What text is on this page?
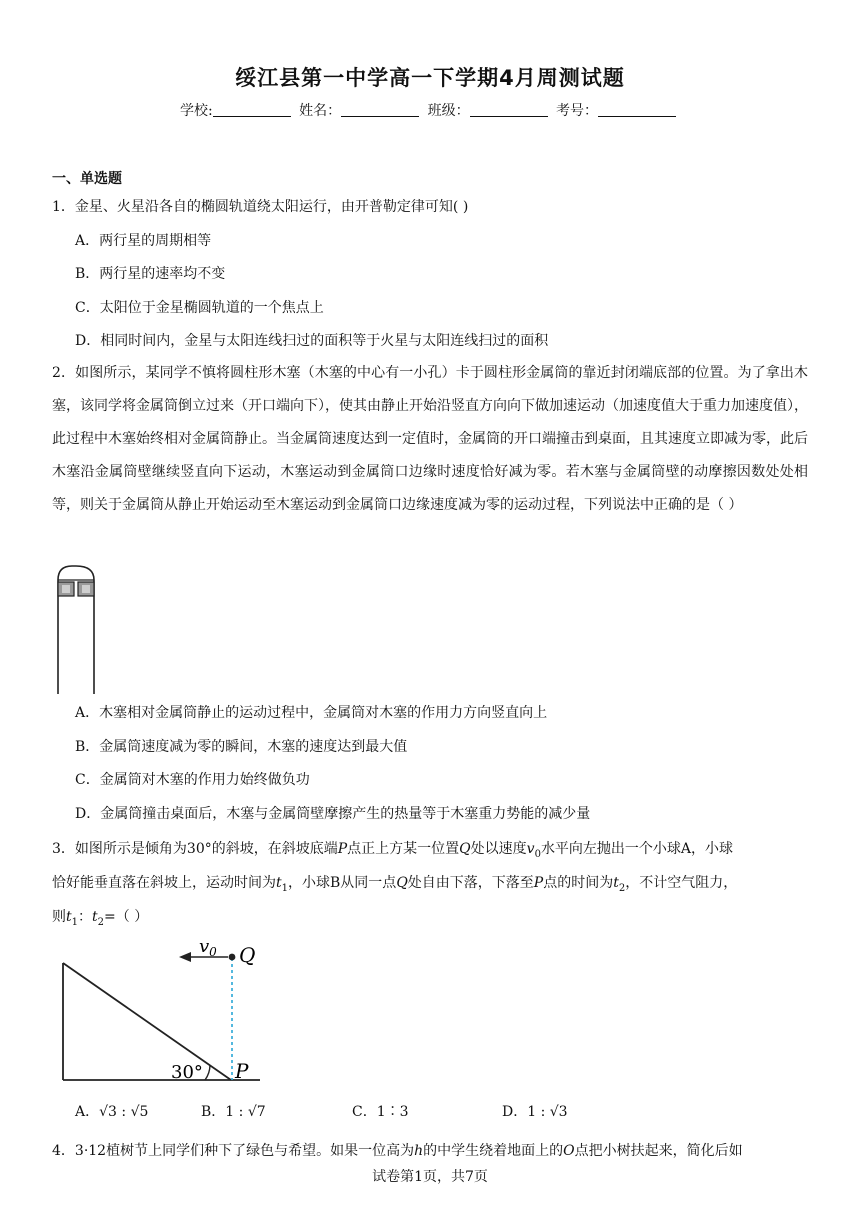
绥江县第一中学高一下学期4月周测试题
学校:	姓名：	班级：	考号：
一、单选题
1．金星、火星沿各自的椭圆轨道绕太阳运行，由开普勒定律可知( )
A．两行星的周期相等
B．两行星的速率均不变
C．太阳位于金星椭圆轨道的一个焦点上
D．相同时间内，金星与太阳连线扫过的面积等于火星与太阳连线扫过的面积
2．如图所示，某同学不慎将圆柱形木塞（木塞的中心有一小孔）卡于圆柱形金属筒的靠近封闭端底部的位置。为了拿出木塞，该同学将金属筒倒立过来（开口端向下），使其由静止开始沿竖直方向向下做加速运动（加速度值大于重力加速度值），此过程中木塞始终相对金属筒静止。当金属筒速度达到一定值时，金属筒的开口端撞击到桌面，且其速度立即减为零，此后木塞沿金属筒壁继续竖直向下运动，木塞运动到金属筒口边缘时速度恰好减为零。若木塞与金属筒壁的动摩擦因数处处相等，则关于金属筒从静止开始运动至木塞运动到金属筒口边缘速度减为零的运动过程，下列说法中正确的是（ ）
A．木塞相对金属筒静止的运动过程中，金属筒对木塞的作用力方向竖直向上
B．金属筒速度减为零的瞬间，木塞的速度达到最大值
C．金属筒对木塞的作用力始终做负功
D．金属筒撞击桌面后，木塞与金属筒壁摩擦产生的热量等于木塞重力势能的减少量
3．如图所示是倾角为30°的斜坡，在斜坡底端P点正上方某一位置Q处以速度$v_0$水平向左抛出一个小球A，小球
恰好能垂直落在斜坡上，运动时间为$t_1$，小球B从同一点Q处自由下落，下落至P点的时间为$t_2$，不计空气阻力，
则$t_1$：$t_2=$（ ）
$v_0$ Q
P
30°
A．√3 : √5	B．1 : √7	C．1∶3	D．1 : √3
4．3·12植树节上同学们种下了绿色与希望。如果一位高为h的中学生绕着地面上的O点把小树扶起来，简化后如
试卷第1页，共7页
